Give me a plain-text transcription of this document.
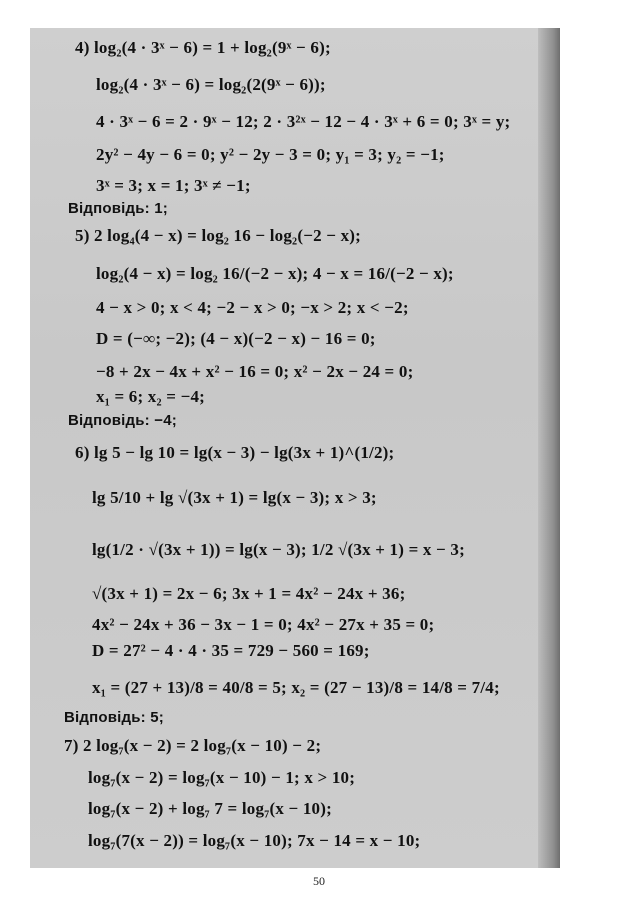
4) log₂(4 · 3ˣ − 6) = 1 + log₂(9ˣ − 6);
log₂(4 · 3ˣ − 6) = log₂(2(9ˣ − 6));
4 · 3ˣ − 6 = 2 · 9ˣ − 12; 2 · 3²ˣ − 12 − 4 · 3ˣ + 6 = 0; 3ˣ = y;
2y² − 4y − 6 = 0; y² − 2y − 3 = 0; y₁ = 3; y₂ = −1;
3ˣ = 3; x = 1; 3ˣ ≠ −1;
Відповідь: 1;
5) 2 log₄(4 − x) = log₂ 16 − log₂(−2 − x);
log₂(4 − x) = log₂ 16/(−2 − x); 4 − x = 16/(−2 − x);
4 − x > 0; x < 4; −2 − x > 0; −x > 2; x < −2;
D = (−∞; −2); (4 − x)(−2 − x) − 16 = 0;
−8 + 2x − 4x + x² − 16 = 0; x² − 2x − 24 = 0;
x₁ = 6; x₂ = −4;
Відповідь: −4;
6) lg 5 − lg 10 = lg(x − 3) − lg(3x + 1)^(1/2);
lg 5/10 + lg √(3x + 1) = lg(x − 3); x > 3;
lg(1/2 · √(3x + 1)) = lg(x − 3); 1/2 √(3x + 1) = x − 3;
√(3x + 1) = 2x − 6; 3x + 1 = 4x² − 24x + 36;
4x² − 24x + 36 − 3x − 1 = 0; 4x² − 27x + 35 = 0;
D = 27² − 4 · 4 · 35 = 729 − 560 = 169;
x₁ = (27 + 13)/8 = 40/8 = 5; x₂ = (27 − 13)/8 = 14/8 = 7/4;
Відповідь: 5;
7) 2 log₇(x − 2) = 2 log₇(x − 10) − 2;
log₇(x − 2) = log₇(x − 10) − 1; x > 10;
log₇(x − 2) + log₇ 7 = log₇(x − 10);
log₇(7(x − 2)) = log₇(x − 10); 7x − 14 = x − 10;
50
